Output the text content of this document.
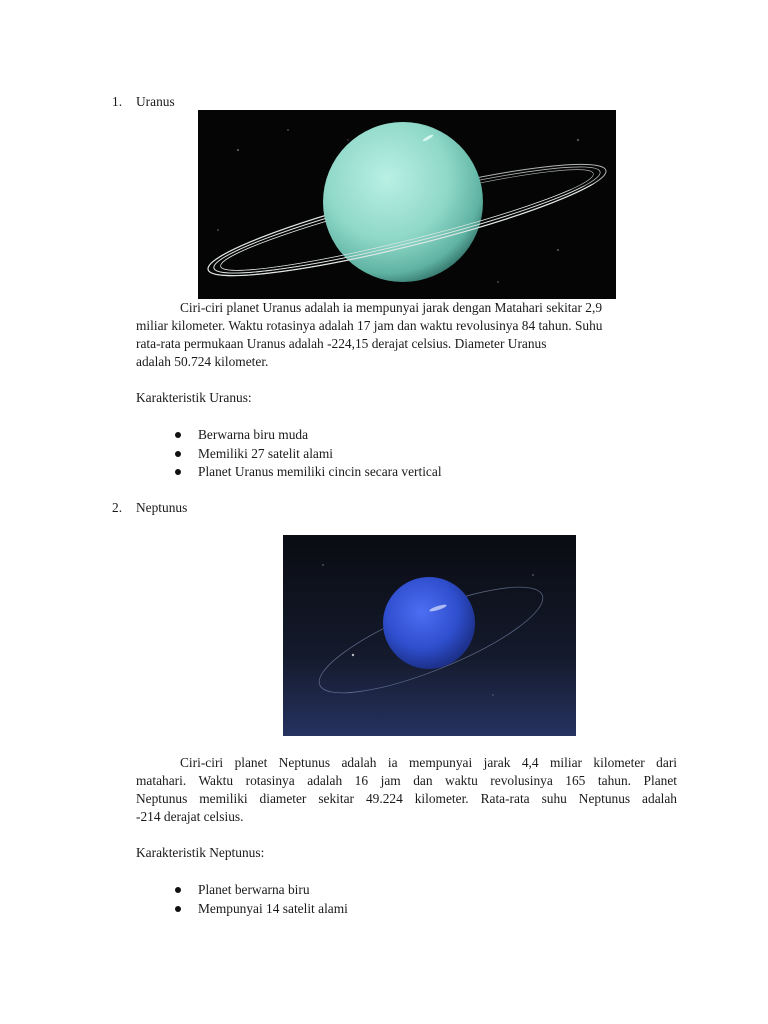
1. Uranus
Ciri-ciri planet Uranus adalah ia mempunyai jarak dengan Matahari sekitar 2,9
miliar kilometer. Waktu rotasinya adalah 17 jam dan waktu revolusinya 84 tahun. Suhu
rata-rata permukaan Uranus adalah -224,15 derajat celsius. Diameter Uranus
adalah 50.724 kilometer.
Karakteristik Uranus:
Berwarna biru muda
Memiliki 27 satelit alami
Planet Uranus memiliki cincin secara vertical
2. Neptunus
Ciri-ciri planet Neptunus adalah ia mempunyai jarak 4,4 miliar kilometer dari
matahari. Waktu rotasinya adalah 16 jam dan waktu revolusinya 165 tahun. Planet
Neptunus memiliki diameter sekitar 49.224 kilometer. Rata-rata suhu Neptunus adalah
-214 derajat celsius.
Karakteristik Neptunus:
Planet berwarna biru
Mempunyai 14 satelit alami
